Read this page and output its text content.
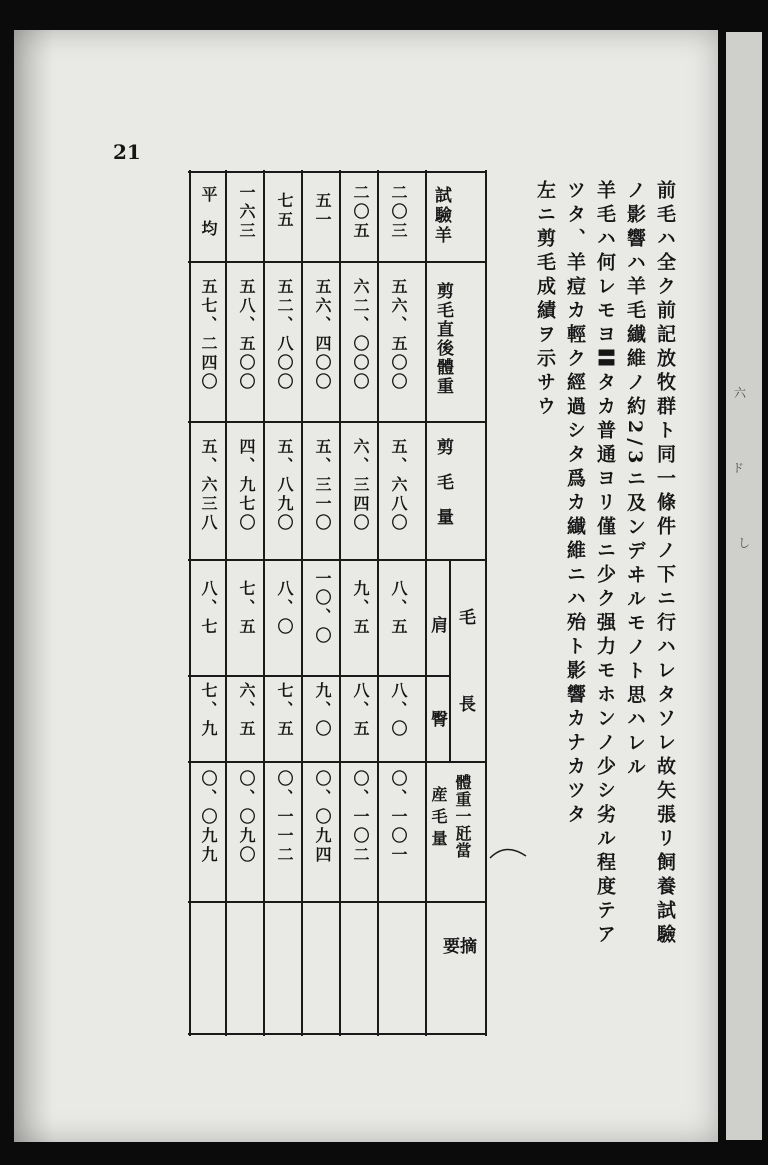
六
ド
し
21

前毛ハ全ク前記放牧群ト同一條件ノ下ニ行ハレタソレ故矢張リ飼養試驗

ノ影響ハ羊毛纎維ノ約2/3ニ及ンデヰルモノト思ハレル

羊毛ハ何レモヨ〓タカ普通ヨリ僅ニ少ク强力モホンノ少シ劣ル程度テア

ツタ、羊痘カ輕ク經過シタ爲カ纎維ニハ殆ト影響カナカツタ

左ニ剪毛成績ヲ示サウ

試驗羊
剪毛直後體重
剪毛量
毛長
肩
臀
體重一瓩當
産毛量
摘要
二〇三
五六、五〇〇
五、六八〇
八、五
八、〇
〇、一〇一
二〇五
六二、〇〇〇
六、三四〇
九、五
八、五
〇、一〇二
五一
五六、四〇〇
五、三一〇
一〇、〇
九、〇
〇、〇九四
七五
五二、八〇〇
五、八九〇
八、〇
七、五
〇、一一二
一六三
五八、五〇〇
四、九七〇
七、五
六、五
〇、〇九〇
平均
五七、二四〇
五、六三八
八、七
七、九
〇、〇九九
